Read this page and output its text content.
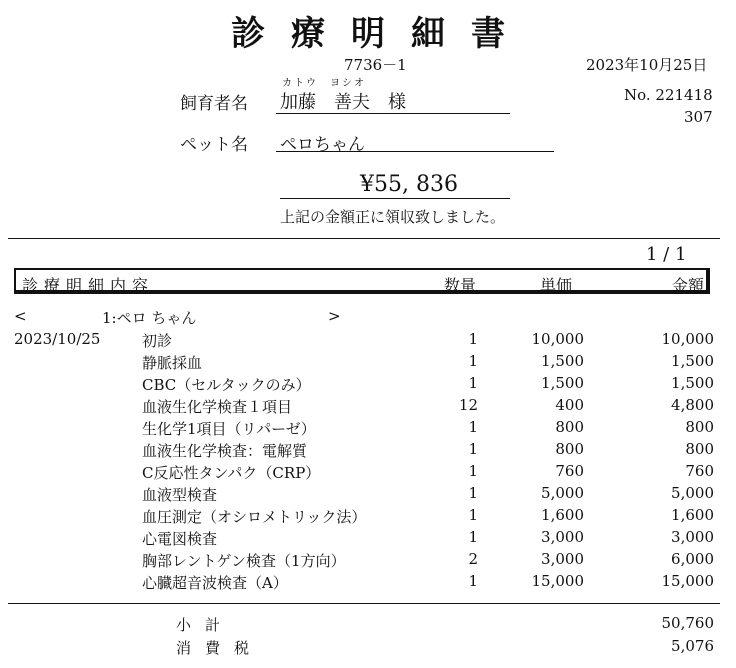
診療明細書
7736－1	2023年10月25日
カトウ　ヨシオ
飼育者名 加藤　善夫　様	No. 221418
307
ペット名 ペロちゃん
¥55, 836
上記の金額正に領収致しました。
1 / 1
診療明細内容	数量	単価	金額
<	1:ペロ ちゃん	>
2023/10/25	初診	1	10,000	10,000
静脈採血	1	1,500	1,500
CBC（セルタックのみ）	1	1,500	1,500
血液生化学検査１項目	12	400	4,800
生化学1項目（リパーゼ）	1	800	800
血液生化学検査：電解質	1	800	800
C反応性タンパク（CRP）	1	760	760
血液型検査	1	5,000	5,000
血圧測定（オシロメトリック法）	1	1,600	1,600
心電図検査	1	3,000	3,000
胸部レントゲン検査（1方向）	2	3,000	6,000
心臓超音波検査（A）	1	15,000	15,000
小計	50,760
消費税	5,076
